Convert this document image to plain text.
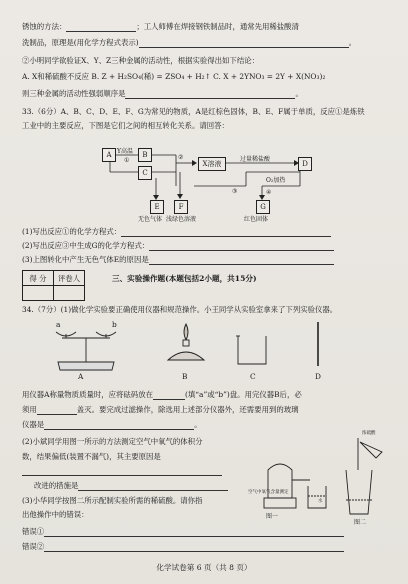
锈蚀的方法：	；工人师傅在焊接钢铁制品时，通常先用稀盐酸清
洗制品，原理是(用化学方程式表示)	。
②小明同学欲验证X、Y、Z三种金属的活动性，根据实验得出如下结论：
A. X和稀硫酸不反应 B. Z + H₂SO₄(稀) = ZSO₄ + H₂↑ C. X + 2YNO₃ = 2Y + X(NO₃)₂
则三种金属的活动性强弱顺序是	。
33.（6分）A、B、C、D、E、F、G为常见的物质，A是红棕色固体，B、E、F属于单质，反应①是炼铁
工业中的主要反应，下图是它们之间的相互转化关系。请回答：
A	B
C
X溶液	D
E	F	G
Y高温
①	②	过量稀盐酸
O₂加热
③	④
无色气体 浅绿色溶液	红色固体
(1)写出反应①的化学方程式：
(2)写出反应③中生成G的化学方程式：
(3)上图转化中产生无色气体E的原因是
得 分	评卷人
		三、实验操作题(本题包括2小题，共15分)
34.（7分）(1)做化学实验要正确使用仪器和规范操作。小王同学从实验室拿来了下列实验仪器。
A	B	C	D
a	b
用仪器A称量物质质量时，应将砝码放在	(填“a”或“b”)盘。用完仪器B后，必
须用	盖灭。要完成过滤操作，除选用上述部分仪器外，还需要用到的玻璃
仪器是	。
(2)小斌同学用图一所示的方法测定空气中氧气的体积分
数，结果偏低(装置不漏气)，其主要原因是
改进的措施是
(3)小华同学按图二所示配制实验所需的稀硫酸。请你指
出他操作中的错误：
错误①
错误②
图一
图二
空气中氧气含量测定
浓硫酸
水
化学试卷第 6 页（共 8 页）
